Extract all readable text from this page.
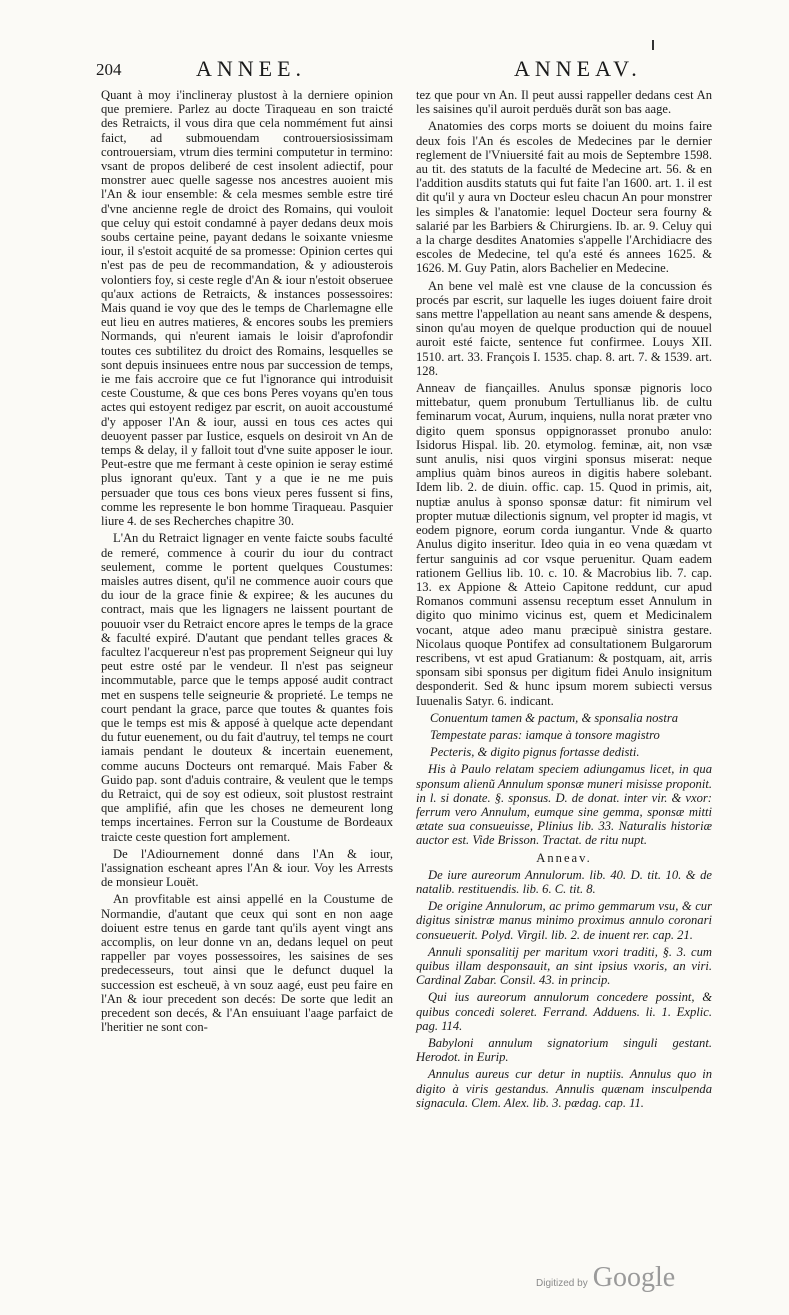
204	ANNEE.	ANNEAV.

Quant à moy i'inclineray plustost à la derniere opinion que premiere. Parlez au docte Tiraqueau en son traicté des Retraicts, il vous dira que cela nommément fut ainsi faict, ad submouendam controuersiosissimam controuersiam, vtrum dies termini computetur in termino: vsant de propos deliberé de cest insolent adiectif, pour monstrer auec quelle sagesse nos ancestres auoient mis l'An & iour ensemble: & cela mesmes semble estre tiré d'vne ancienne regle de droict des Romains, qui vouloit que celuy qui estoit condamné à payer dedans deux mois soubs certaine peine, payant dedans le soixante vniesme iour, il s'estoit acquité de sa promesse: Opinion certes qui n'est pas de peu de recommandation, & y adiousterois volontiers foy, si ceste regle d'An & iour n'estoit obseruee qu'aux actions de Retraicts, & instances possessoires: Mais quand ie voy que des le temps de Charlemagne elle eut lieu en autres matieres, & encores soubs les premiers Normands, qui n'eurent iamais le loisir d'aprofondir toutes ces subtilitez du droict des Romains, lesquelles se sont depuis insinuees entre nous par succession de temps, ie me fais accroire que ce fut l'ignorance qui introduisit ceste Coustume, & que ces bons Peres voyans qu'en tous actes qui estoyent redigez par escrit, on auoit accoustumé d'y apposer l'An & iour, aussi en tous ces actes qui deuoyent passer par Iustice, esquels on desiroit vn An de temps & delay, il y falloit tout d'vne suite apposer le iour. Peut-estre que me fermant à ceste opinion ie seray estimé plus ignorant qu'eux. Tant y a que ie ne me puis persuader que tous ces bons vieux peres fussent si fins, comme les represente le bon homme Tiraqueau. Pasquier liure 4. de ses Recherches chapitre 30.

L'An du Retraict lignager en vente faicte soubs faculté de remeré, commence à courir du iour du contract seulement, comme le portent quelques Coustumes: maisles autres disent, qu'il ne commence auoir cours que du iour de la grace finie & expiree; & les aucunes du contract, mais que les lignagers ne laissent pourtant de pouuoir vser du Retraict encore apres le temps de la grace & faculté expiré. D'autant que pendant telles graces & facultez l'acquereur n'est pas proprement Seigneur qui luy peut estre osté par le vendeur. Il n'est pas seigneur incommutable, parce que le temps apposé audit contract met en suspens telle seigneurie & proprieté. Le temps ne court pendant la grace, parce que toutes & quantes fois que le temps est mis & apposé à quelque acte dependant du futur euenement, ou du fait d'autruy, tel temps ne court iamais pendant le douteux & incertain euenement, comme aucuns Docteurs ont remarqué. Mais Faber & Guido pap. sont d'aduis contraire, & veulent que le temps du Retraict, qui de soy est odieux, soit plustost restraint que amplifié, afin que les choses ne demeurent long temps incertaines. Ferron sur la Coustume de Bordeaux traicte ceste question fort amplement.

De l'Adiournement donné dans l'An & iour, l'assignation escheant apres l'An & iour. Voy les Arrests de monsieur Louët.

An provfitable est ainsi appellé en la Coustume de Normandie, d'autant que ceux qui sont en non aage doiuent estre tenus en garde tant qu'ils ayent vingt ans accomplis, on leur donne vn an, dedans lequel on peut rappeller par voyes possessoires, les saisines de ses predecesseurs, tout ainsi que le defunct duquel la succession est escheuë, à vn souz aagé, eust peu faire en l'An & iour precedent son decés: De sorte que ledit an precedent son decés, & l'An ensuiuant l'aage parfaict de l'heritier ne sont con-

tez que pour vn An. Il peut aussi rappeller dedans cest An les saisines qu'il auroit perduës durãt son bas aage.

Anatomies des corps morts se doiuent du moins faire deux fois l'An és escoles de Medecines par le dernier reglement de l'Vniuersité fait au mois de Septembre 1598. au tit. des statuts de la faculté de Medecine art. 56. & en l'addition ausdits statuts qui fut faite l'an 1600. art. 1. il est dit qu'il y aura vn Docteur esleu chacun An pour monstrer les simples & l'anatomie: lequel Docteur sera fourny & salarié par les Barbiers & Chirurgiens. Ib. ar. 9. Celuy qui a la charge desdites Anatomies s'appelle l'Archidiacre des escoles de Medecine, tel qu'a esté és annees 1625. & 1626. M. Guy Patin, alors Bachelier en Medecine.

An bene vel malè est vne clause de la concussion és procés par escrit, sur laquelle les iuges doiuent faire droit sans mettre l'appellation au neant sans amende & despens, sinon qu'au moyen de quelque production qui de nouuel auroit esté faicte, sentence fut confirmee. Louys XII. 1510. art. 33. François I. 1535. chap. 8. art. 7. & 1539. art. 128.

Anneav de fiançailles. Anulus sponsæ pignoris loco mittebatur, quem pronubum Tertullianus lib. de cultu feminarum vocat, Aurum, inquiens, nulla norat præter vno digito quem sponsus oppignorasset pronubo anulo: Isidorus Hispal. lib. 20. etymolog. feminæ, ait, non vsæ sunt anulis, nisi quos virgini sponsus miserat: neque amplius quàm binos aureos in digitis habere solebant. Idem lib. 2. de diuin. offic. cap. 15. Quod in primis, ait, nuptiæ anulus à sponso sponsæ datur: fit nimirum vel propter mutuæ dilectionis signum, vel propter id magis, vt eodem pignore, eorum corda iungantur. Vnde & quarto Anulus digito inseritur. Ideo quia in eo vena quædam vt fertur sanguinis ad cor vsque peruenitur. Quam eadem rationem Gellius lib. 10. c. 10. & Macrobius lib. 7. cap. 13. ex Appione & Atteio Capitone reddunt, cur apud Romanos communi assensu receptum esset Annulum in digito quo minimo vicinus est, quem et Medicinalem vocant, atque adeo manu præcipuè sinistra gestare. Nicolaus quoque Pontifex ad consultationem Bulgarorum rescribens, vt est apud Gratianum: & postquam, ait, arris sponsam sibi sponsus per digitum fidei Anulo insignitum desponderit. Sed & hunc ipsum morem subiecti versus Iuuenalis Satyr. 6. indicant.

Conuentum tamen & pactum, & sponsalia nostra

Tempestate paras: iamque à tonsore magistro

Pecteris, & digito pignus fortasse dedisti.

His à Paulo relatam speciem adiungamus licet, in qua sponsum alienũ Annulum sponsæ muneri misisse proponit. in l. si donate. §. sponsus. D. de donat. inter vir. & vxor: ferrum vero Annulum, eumque sine gemma, sponsæ mitti ætate sua consueuisse, Plinius lib. 33. Naturalis historiæ auctor est. Vide Brisson. Tractat. de ritu nupt.

Anneav.

De iure aureorum Annulorum. lib. 40. D. tit. 10. & de natalib. restituendis. lib. 6. C. tit. 8.

De origine Annulorum, ac primo gemmarum vsu, & cur digitus sinistræ manus minimo proximus annulo coronari consueuerit. Polyd. Virgil. lib. 2. de inuent rer. cap. 21.

Annuli sponsalitij per maritum vxori traditi, §. 3. cum quibus illam desponsauit, an sint ipsius vxoris, an viri. Cardinal Zabar. Consil. 43. in princip.

Qui ius aureorum annulorum concedere possint, & quibus concedi soleret. Ferrand. Adduens. li. 1. Explic. pag. 114.

Babyloni annulum signatorium singuli gestant. Herodot. in Eurip.

Annulus aureus cur detur in nuptiis. Annulus quo in digito à viris gestandus. Annulis quænam insculpenda signacula. Clem. Alex. lib. 3. pædag. cap. 11.

Digitized by Google
